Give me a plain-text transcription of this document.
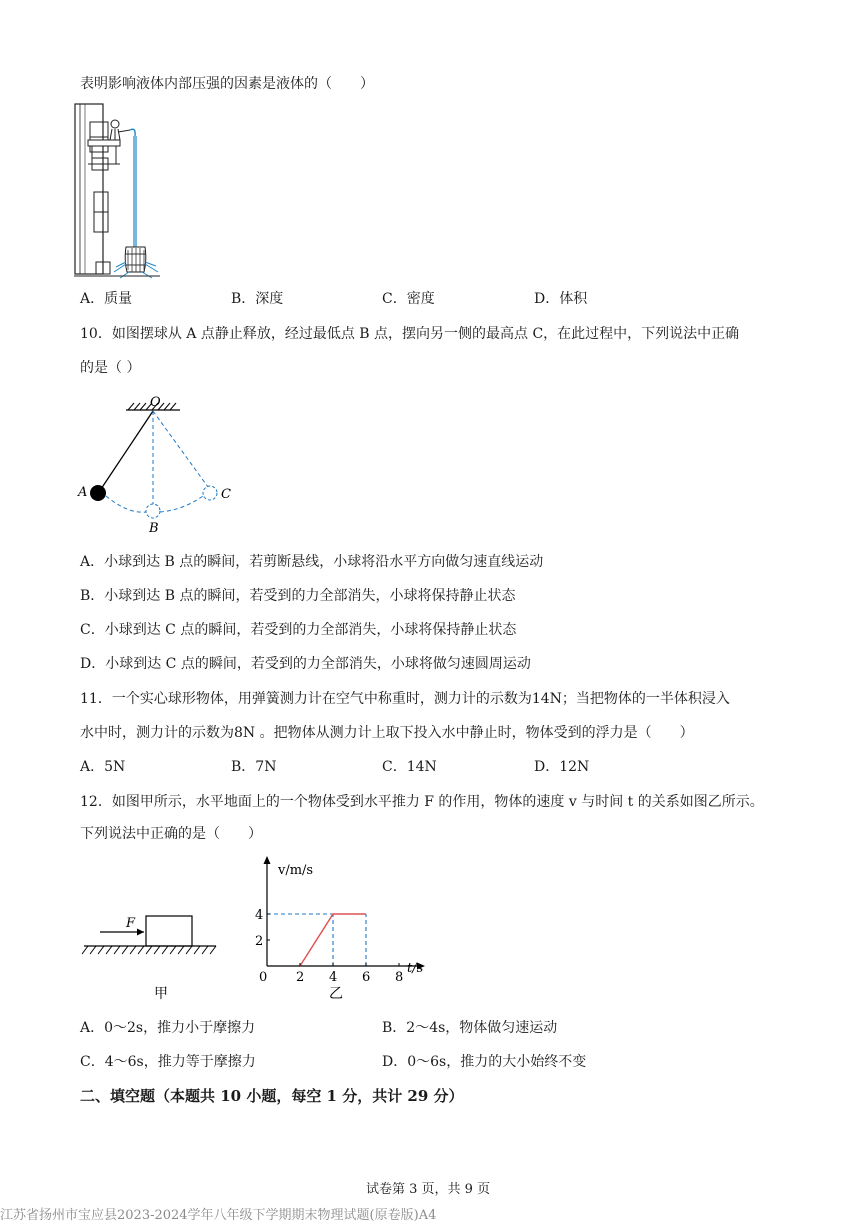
表明影响液体内部压强的因素是液体的（　　）
A．质量	B．深度	C．密度	D．体积
10．如图摆球从 A 点静止释放，经过最低点 B 点，摆向另一侧的最高点 C，在此过程中，下列说法中正确
的是（ ）
O
A
B
C
A．小球到达 B 点的瞬间，若剪断悬线，小球将沿水平方向做匀速直线运动
B．小球到达 B 点的瞬间，若受到的力全部消失，小球将保持静止状态
C．小球到达 C 点的瞬间，若受到的力全部消失，小球将保持静止状态
D．小球到达 C 点的瞬间，若受到的力全部消失，小球将做匀速圆周运动
11．一个实心球形物体，用弹簧测力计在空气中称重时，测力计的示数为14N；当把物体的一半体积浸入
水中时，测力计的示数为8N 。把物体从测力计上取下投入水中静止时，物体受到的浮力是（　　）
A．5N	B．7N	C．14N	D．12N
12．如图甲所示，水平地面上的一个物体受到水平推力 F 的作用，物体的速度 v 与时间 t 的关系如图乙所示。
下列说法中正确的是（　　）
F
甲
0 2 4 6 8
2
4
v/m/s
t/s
乙
A．0～2s，推力小于摩擦力	B．2～4s，物体做匀速运动
C．4～6s，推力等于摩擦力	D．0～6s，推力的大小始终不变
二、填空题（本题共 10 小题，每空 1 分，共计 29 分）
试卷第 3 页，共 9 页
江苏省扬州市宝应县2023-2024学年八年级下学期期末物理试题(原卷版)A4
